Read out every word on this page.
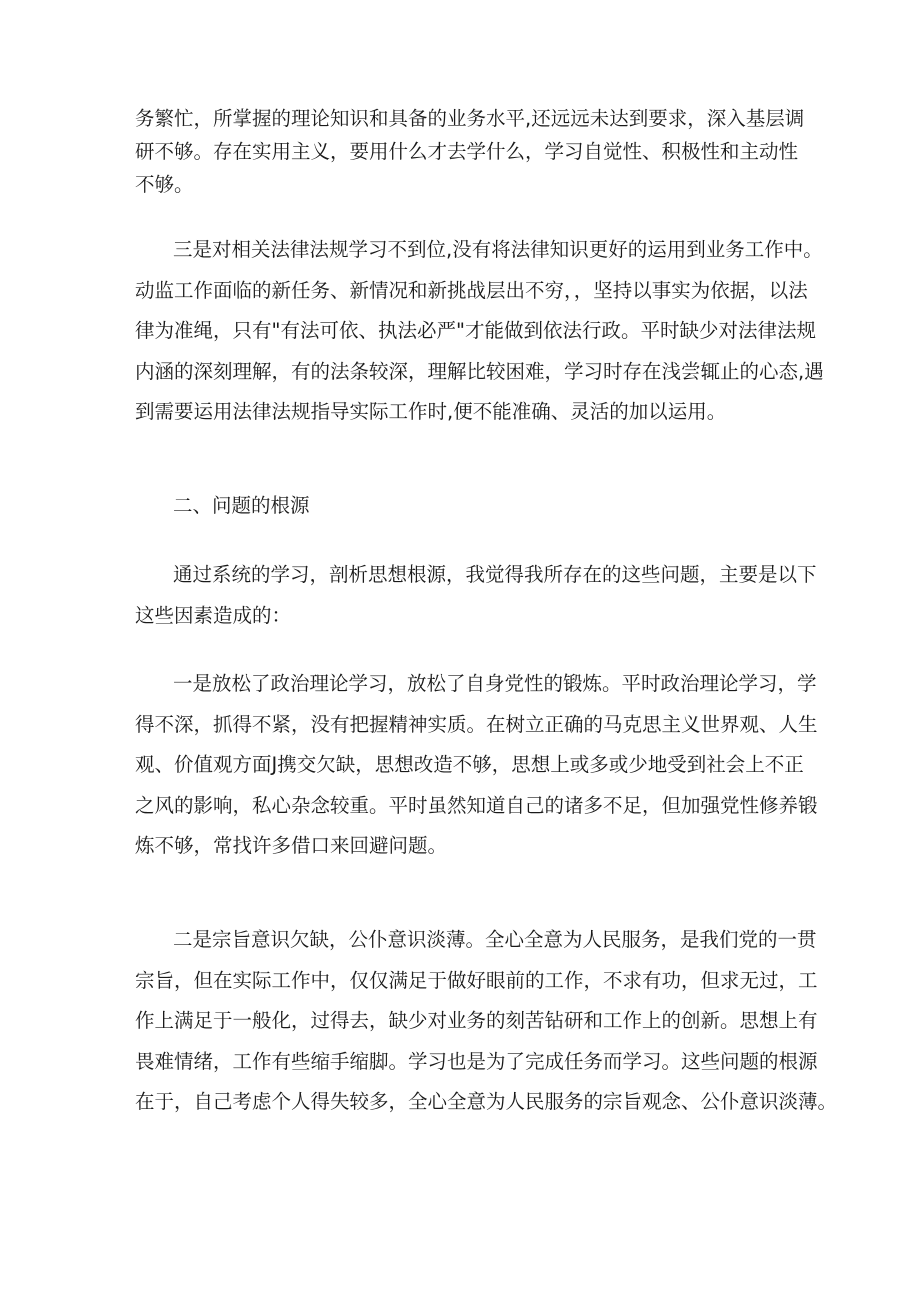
务繁忙，所掌握的理论知识和具备的业务水平,还远远未达到要求，深入基层调
研不够。存在实用主义，要用什么才去学什么，学习自觉性、积极性和主动性
不够。
三是对相关法律法规学习不到位,没有将法律知识更好的运用到业务工作中。
动监工作面临的新任务、新情况和新挑战层出不穷，，坚持以事实为依据，以法
律为准绳，只有"有法可依、执法必严"才能做到依法行政。平时缺少对法律法规
内涵的深刻理解，有的法条较深，理解比较困难，学习时存在浅尝辄止的心态,遇
到需要运用法律法规指导实际工作时,便不能准确、灵活的加以运用。
二、问题的根源
通过系统的学习，剖析思想根源，我觉得我所存在的这些问题，主要是以下
这些因素造成的：
一是放松了政治理论学习，放松了自身党性的锻炼。平时政治理论学习，学
得不深，抓得不紧，没有把握精神实质。在树立正确的马克思主义世界观、人生
观、价值观方面J携交欠缺，思想改造不够，思想上或多或少地受到社会上不正
之风的影响，私心杂念较重。平时虽然知道自己的诸多不足，但加强党性修养锻
炼不够，常找许多借口来回避问题。
二是宗旨意识欠缺，公仆意识淡薄。全心全意为人民服务，是我们党的一贯
宗旨，但在实际工作中，仅仅满足于做好眼前的工作，不求有功，但求无过，工
作上满足于一般化，过得去，缺少对业务的刻苦钻研和工作上的创新。思想上有
畏难情绪，工作有些缩手缩脚。学习也是为了完成任务而学习。这些问题的根源
在于，自己考虑个人得失较多，全心全意为人民服务的宗旨观念、公仆意识淡薄。
